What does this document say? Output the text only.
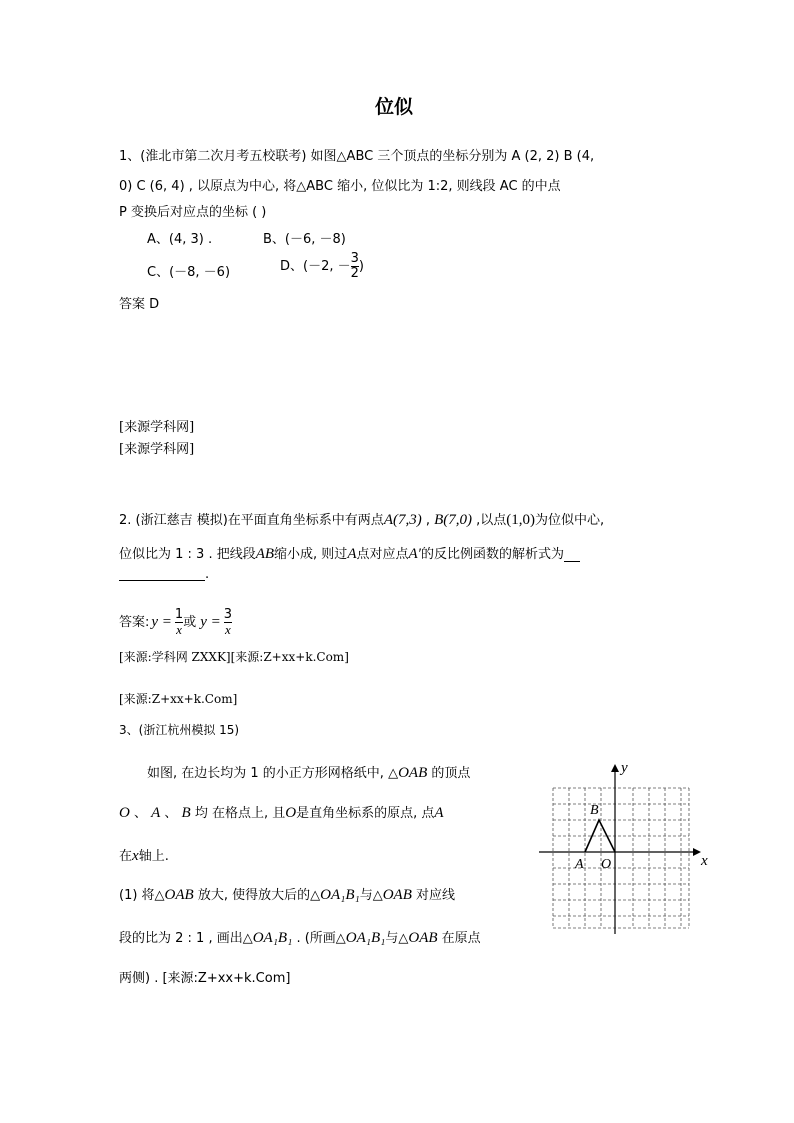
位似
1、(淮北市第二次月考五校联考) 如图△ABC 三个顶点的坐标分别为 A (2, 2) B (4,
0) C (6, 4) , 以原点为中心, 将△ABC 缩小, 位似比为 1:2, 则线段 AC 的中点
P 变换后对应点的坐标 ( )
A、(4, 3) .	B、(－6, －8)
C、(－8, －6)	D、(－2, － $\frac{3}{2}$ )
答案 D
[来源学科网]
[来源学科网]
2. (浙江慈吉 模拟)在平面直角坐标系中有两点A(7,3) , B(7,0) ,以点(1,0)为位似中心,
位似比为 1 : 3 . 把线段AB缩小成, 则过A点对应点A′的反比例函数的解析式为
.
答案: $y = \frac{1}{x}$ 或 $y = \frac{3}{x}$
[来源:学科网 ZXXK][来源:Z+xx+k.Com]
[来源:Z+xx+k.Com]
3、(浙江杭州模拟 15)
如图, 在边长均为 1 的小正方形网格纸中, △OAB 的顶点
O 、 A 、 B 均 在格点上, 且O是直角坐标系的原点, 点A
在x轴上.
(1) 将△OAB 放大, 使得放大后的△OA₁B₁与△OAB 对应线
段的比为 2 : 1 , 画出△OA₁B₁ . (所画△OA₁B₁与△OAB 在原点
两侧) . [来源:Z+xx+k.Com]
y
x
B
A O
